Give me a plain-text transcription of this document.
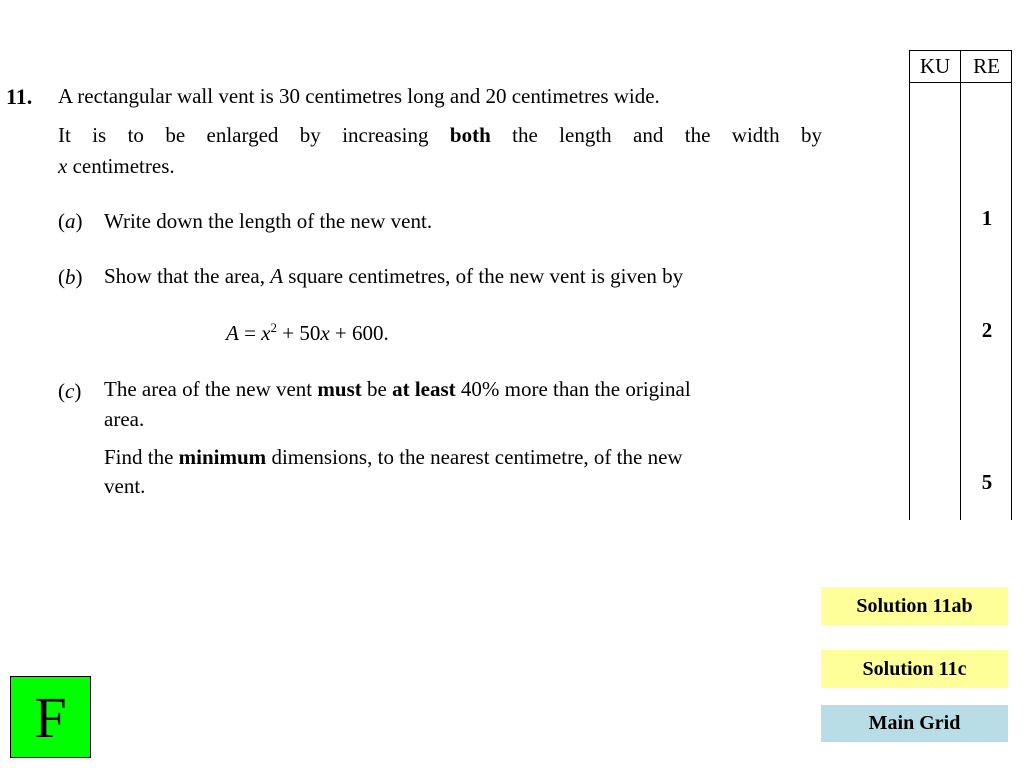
11. A rectangular wall vent is 30 centimetres long and 20 centimetres wide.
It is to be enlarged by increasing both the length and the width by
x centimetres.
(a) Write down the length of the new vent.
(b) Show that the area, A square centimetres, of the new vent is given by
$A = x^2 + 50x + 600$.
(c) The area of the new vent must be at least 40% more than the original
area.
Find the minimum dimensions, to the nearest centimetre, of the new
vent.
KU	RE
1
2
5
Solution 11ab
Solution 11c
Main Grid
F
